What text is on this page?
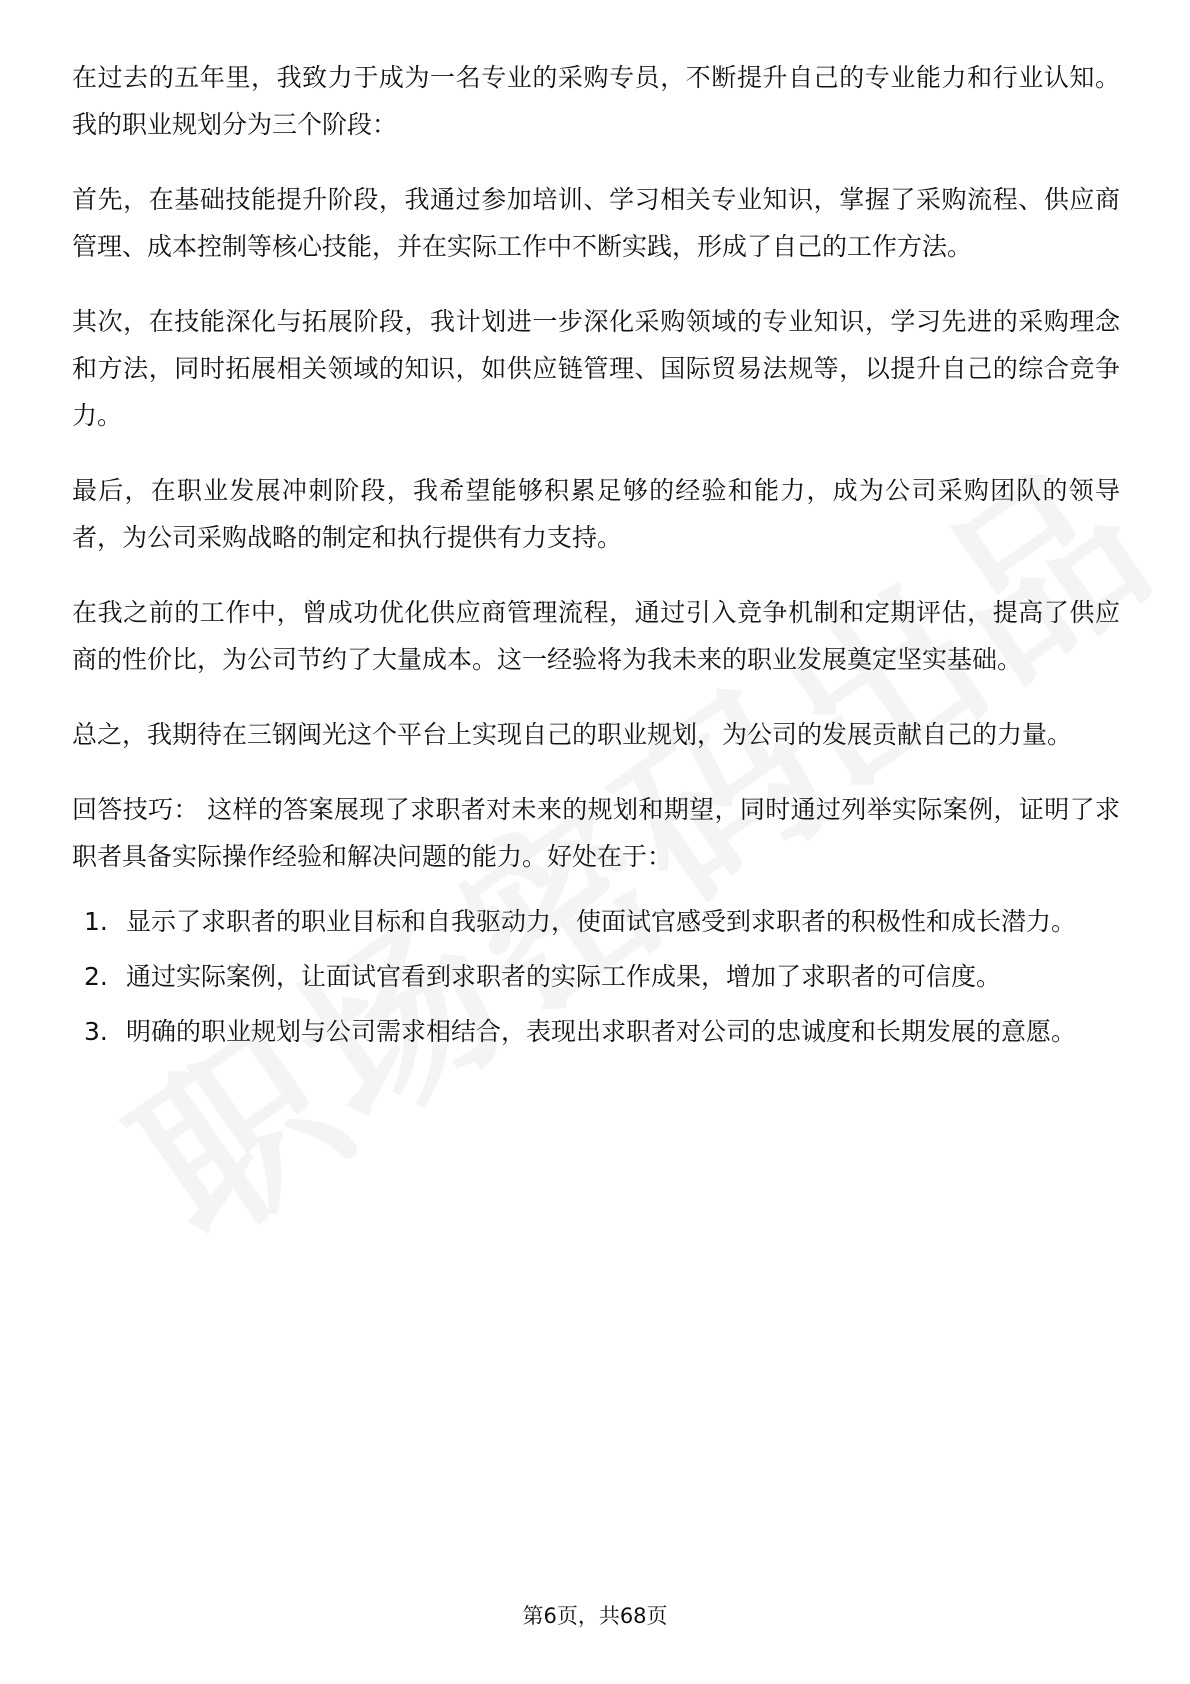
在过去的五年里，我致力于成为一名专业的采购专员，不断提升自己的专业能力和行业认知。我的职业规划分为三个阶段：

首先，在基础技能提升阶段，我通过参加培训、学习相关专业知识，掌握了采购流程、供应商管理、成本控制等核心技能，并在实际工作中不断实践，形成了自己的工作方法。

其次，在技能深化与拓展阶段，我计划进一步深化采购领域的专业知识，学习先进的采购理念和方法，同时拓展相关领域的知识，如供应链管理、国际贸易法规等，以提升自己的综合竞争力。

最后，在职业发展冲刺阶段，我希望能够积累足够的经验和能力，成为公司采购团队的领导者，为公司采购战略的制定和执行提供有力支持。

在我之前的工作中，曾成功优化供应商管理流程，通过引入竞争机制和定期评估，提高了供应商的性价比，为公司节约了大量成本。这一经验将为我未来的职业发展奠定坚实基础。

总之，我期待在三钢闽光这个平台上实现自己的职业规划，为公司的发展贡献自己的力量。

回答技巧： 这样的答案展现了求职者对未来的规划和期望，同时通过列举实际案例，证明了求职者具备实际操作经验和解决问题的能力。好处在于：

1. 显示了求职者的职业目标和自我驱动力，使面试官感受到求职者的积极性和成长潜力。
2. 通过实际案例，让面试官看到求职者的实际工作成果，增加了求职者的可信度。
3. 明确的职业规划与公司需求相结合，表现出求职者对公司的忠诚度和长期发展的意愿。
第6页，共68页
